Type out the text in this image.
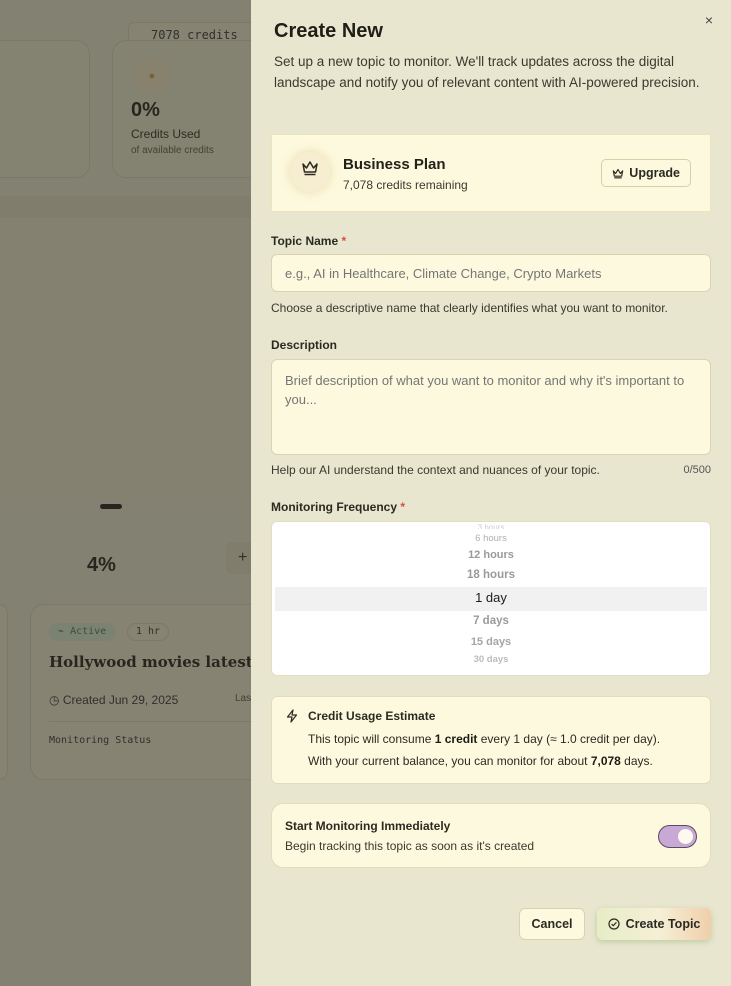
×
Create New
Set up a new topic to monitor. We'll track updates across the digital landscape and notify you of relevant content with AI-powered precision.
Business Plan
7,078 credits remaining
Upgrade
Topic Name *
e.g., AI in Healthcare, Climate Change, Crypto Markets
Choose a descriptive name that clearly identifies what you want to monitor.
Description
Brief description of what you want to monitor and why it's important to you...
Help our AI understand the context and nuances of your topic.	0/500
Monitoring Frequency *
3 hours
6 hours
12 hours
18 hours
1 day
7 days
15 days
30 days
Credit Usage Estimate
This topic will consume 1 credit every 1 day (≈ 1.0 credit per day).
With your current balance, you can monitor for about 7,078 days.
Start Monitoring Immediately
Begin tracking this topic as soon as it's created
Cancel	Create Topic
